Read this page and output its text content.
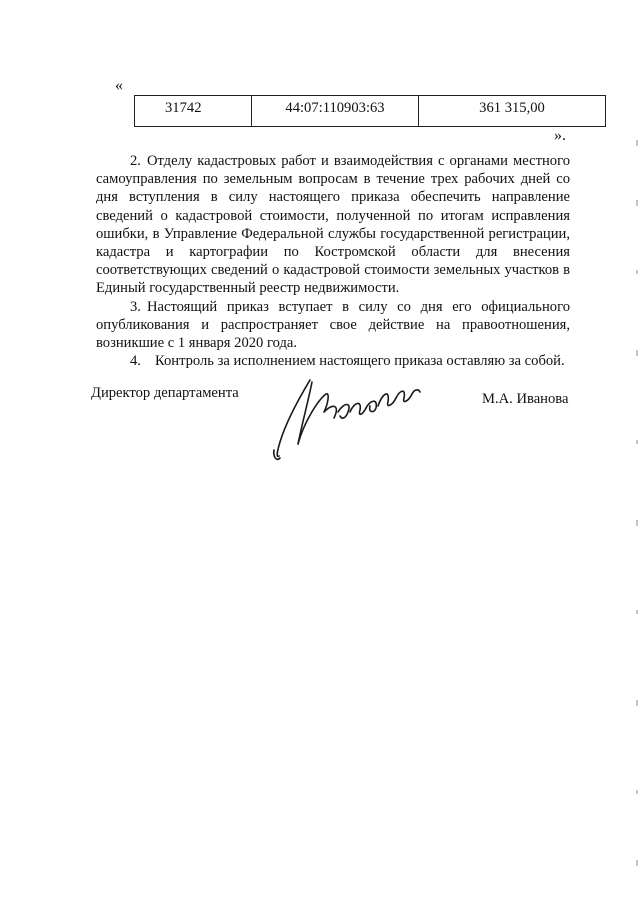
«
31742	44:07:110903:63	361 315,00
».

2. Отделу кадастровых работ и взаимодействия с органами местного самоуправления по земельным вопросам в течение трех рабочих дней со дня вступления в силу настоящего приказа обеспечить направление сведений о кадастровой стоимости, полученной по итогам исправления ошибки, в Управление Федеральной службы государственной регистрации, кадастра и картографии по Костромской области для внесения соответствующих сведений о кадастровой стоимости земельных участков в Единый государственный реестр недвижимости.

3. Настоящий приказ вступает в силу со дня его официального опубликования и распространяет свое действие на правоотношения, возникшие с 1 января 2020 года.

4. Контроль за исполнением настоящего приказа оставляю за собой.

Директор департамента	М.А. Иванова
